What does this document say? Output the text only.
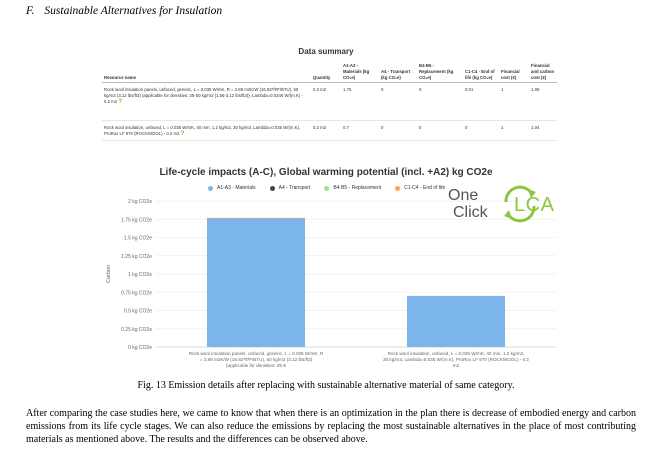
F. Sustainable Alternatives for Insulation
Data summary
Resource name	Quantity	A1-A3 - Materials (kg CO₂e)	A4 - Transport (kg CO₂e)	B4-B5 - Replacement (kg CO₂e)	C1-C4 - End of life (kg CO₂e)	Financial cost (€)	Financial and carbon cost (€)
Rock wool insulation panels, unfaced, generic, L = 0.035 W/mK, R = 2.89 m2K/W (16.82*ft²F/BTU), 50 kg/m3 (3.12 lbs/ft3) (applicable for densities: 25-50 kg/m3 (1.56-3.12 lbs/ft3)), Lambda=0.0346 W/(m.K) - 0.2 m2 ?	0.2 m2	1.76	0	0	0.01	1	1.09
Rock wool insulation, unfaced, L = 0.035 W/mK, 40 mm, 1.2 kg/m2, 30 kg/m3, Lambda=0.035 W/(m.K), ProRox LF 970 (ROCKWOOL) - 0.2 m2 ?	0.2 m2	0.7	0	0	0	1	1.04
Life-cycle impacts (A-C), Global warming potential (incl. +A2) kg CO2e
A1-A3 - Materials	A4 - Transport	B4-B5 - Replacement	C1-C4 - End of life
0 kg CO2e
0.25 kg CO2e
0.5 kg CO2e
0.75 kg CO2e
1 kg CO2e
1.25 kg CO2e
1.5 kg CO2e
1.75 kg CO2e
2 kg CO2e
Carbon
Rock wool insulation panels, unfaced, generic, L = 0.035 W/mK, R
= 2.89 m2K/W (16.82*ft²F/BTU), 50 kg/m3 (3.12 lbs/ft3)
(applicable for densities: 25-5
Rock wool insulation, unfaced, L = 0.035 W/mK, 40 mm, 1.2 kg/m2,
30 kg/m3, Lambda=0.035 W/(m.K), ProRox LF 970 (ROCKWOOL) - 0.2
m2
One
Click LCA
Fig. 13 Emission details after replacing with sustainable alternative material of same category.
After comparing the case studies here, we came to know that when there is an optimization in the plan there is decrease of embodied energy and carbon emissions from its life cycle stages. We can also reduce the emissions by replacing the most sustainable alternatives in the place of most contributing materials as mentioned above. The results and the differences can be observed above.
